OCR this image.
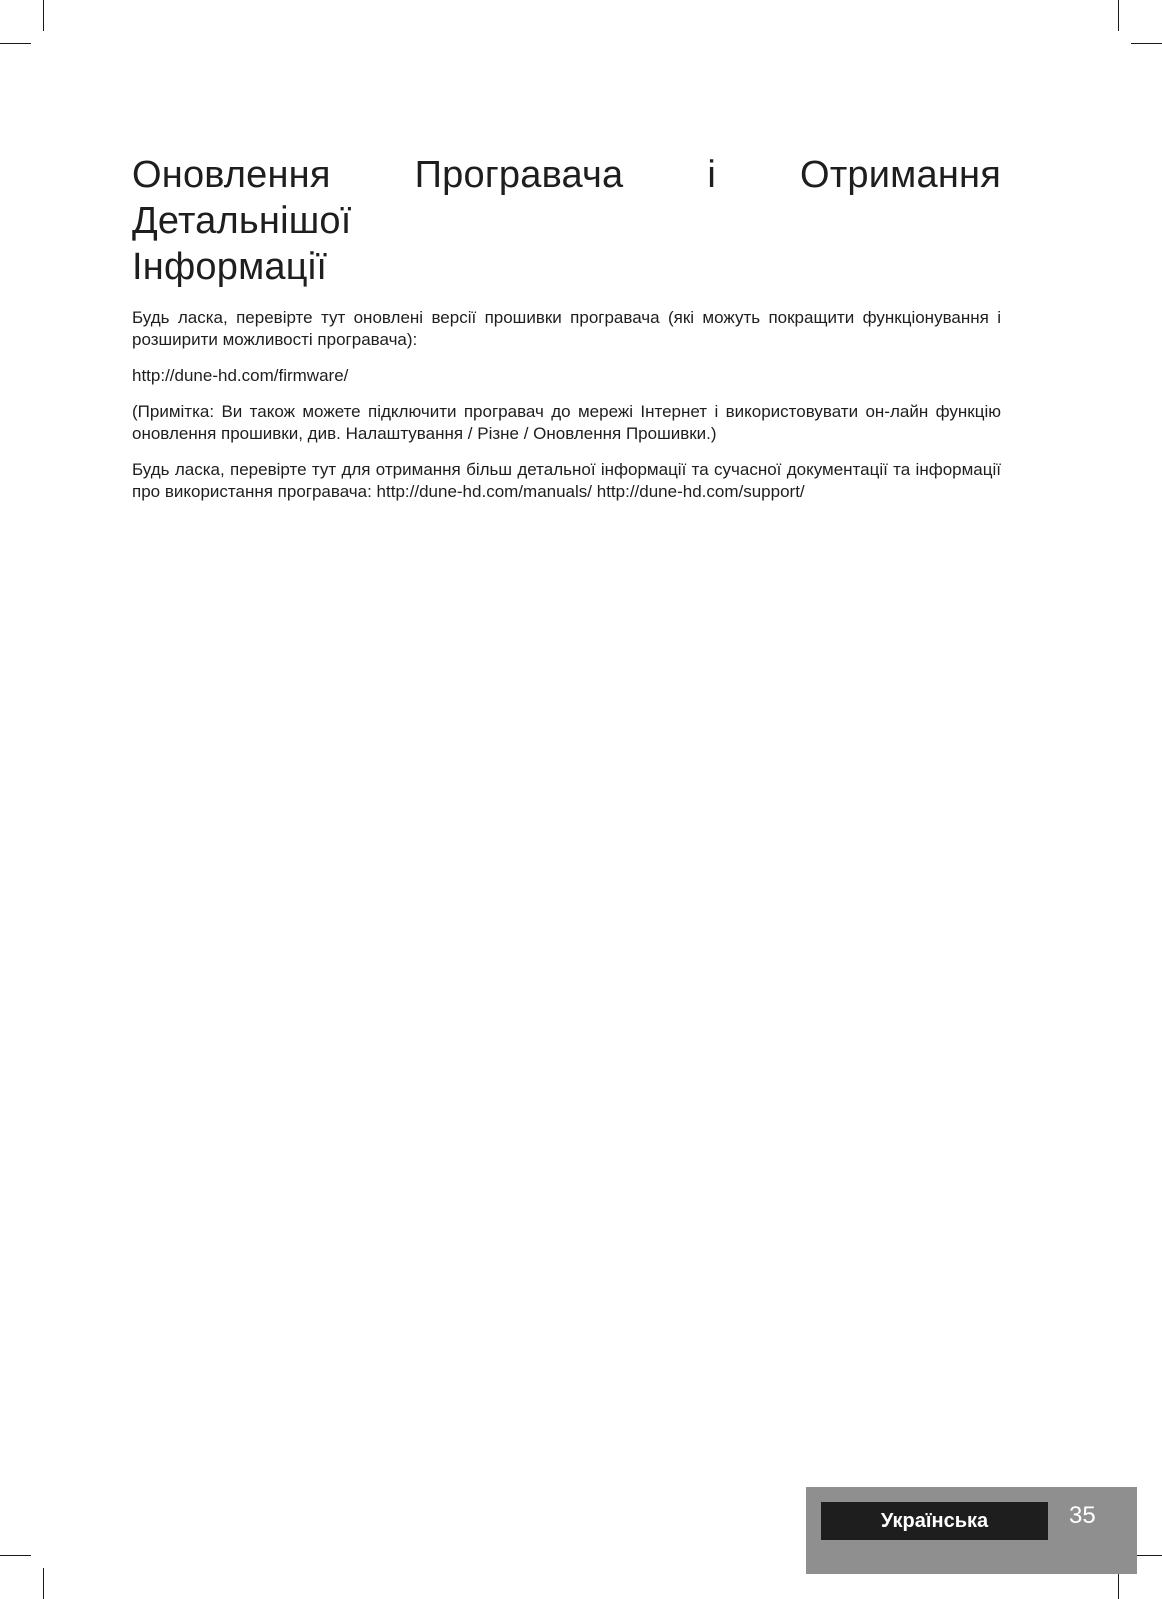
Оновлення Програвача і Отримання Детальнішої
Інформації

Будь ласка, перевірте тут оновлені версії прошивки програвача (які можуть покращити функціонування і розширити можливості програвача):

http://dune-hd.com/firmware/

(Примітка: Ви також можете підключити програвач до мережі Інтернет і використовувати он-лайн функцію оновлення прошивки, див. Налаштування / Різне / Оновлення Прошивки.)

Будь ласка, перевірте тут для отримання більш детальної інформації та сучасної документації та інформації про використання програвача: http://dune-hd.com/manuals/ http://dune-hd.com/support/

Українська	35
